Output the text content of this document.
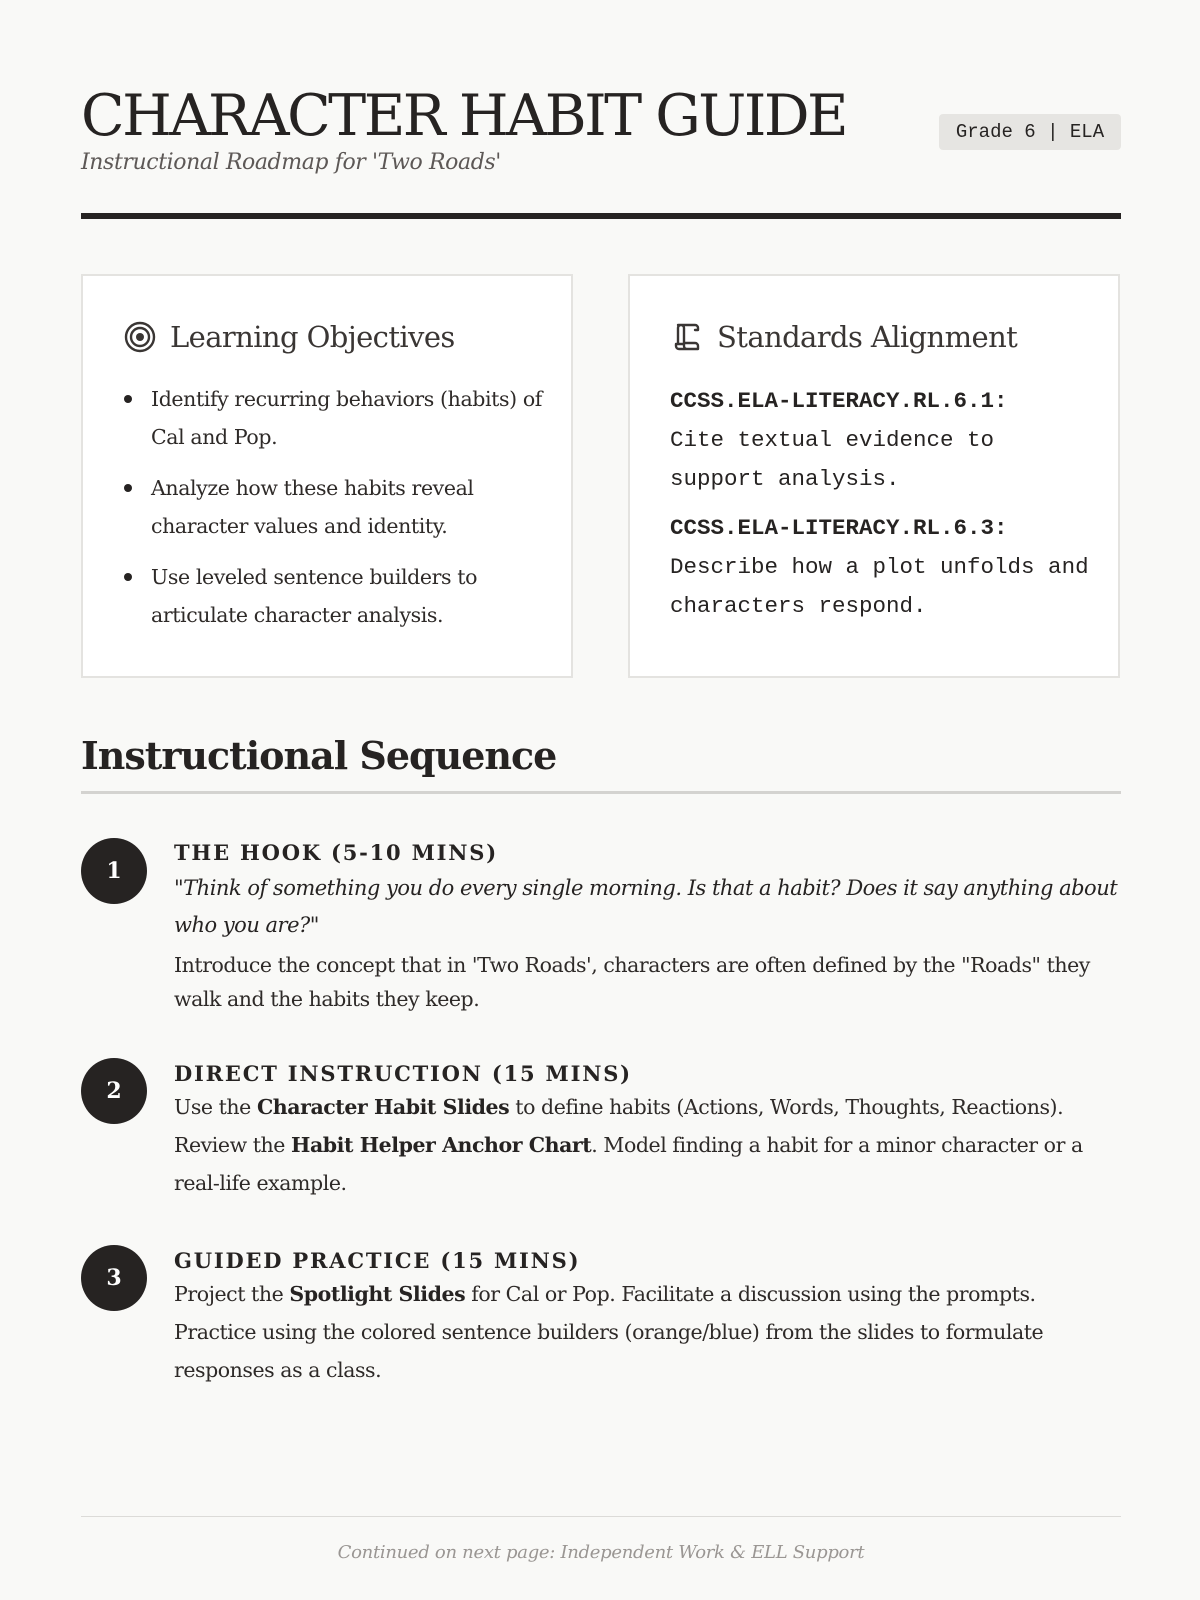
CHARACTER HABIT GUIDE
Instructional Roadmap for 'Two Roads'
Grade 6 | ELA
Learning Objectives
Identify recurring behaviors (habits) of Cal and Pop.
Analyze how these habits reveal character values and identity.
Use leveled sentence builders to articulate character analysis.
Standards Alignment
CCSS.ELA-LITERACY.RL.6.1:
Cite textual evidence to support analysis.
CCSS.ELA-LITERACY.RL.6.3:
Describe how a plot unfolds and characters respond.
Instructional Sequence
1
THE HOOK (5-10 MINS)
"Think of something you do every single morning. Is that a habit? Does it say anything about who you are?"
Introduce the concept that in 'Two Roads', characters are often defined by the "Roads" they walk and the habits they keep.
2
DIRECT INSTRUCTION (15 MINS)
Use the Character Habit Slides to define habits (Actions, Words, Thoughts, Reactions). Review the Habit Helper Anchor Chart. Model finding a habit for a minor character or a real-life example.
3
GUIDED PRACTICE (15 MINS)
Project the Spotlight Slides for Cal or Pop. Facilitate a discussion using the prompts. Practice using the colored sentence builders (orange/blue) from the slides to formulate responses as a class.
Continued on next page: Independent Work & ELL Support
